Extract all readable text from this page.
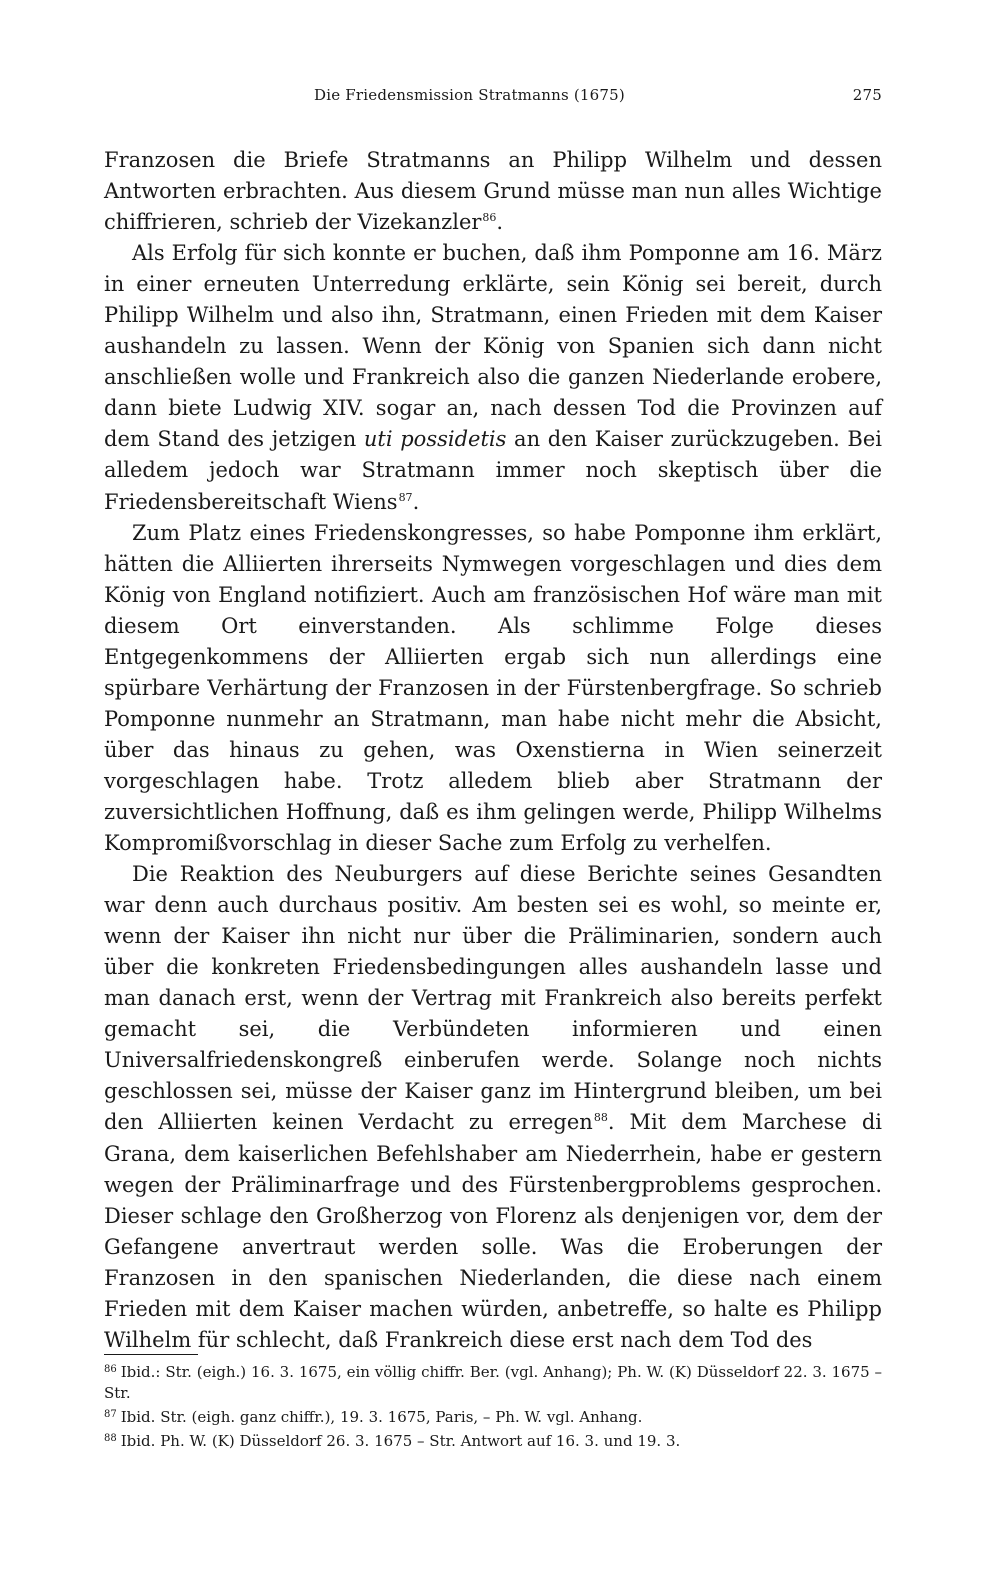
Die Friedensmission Stratmanns (1675)	275

Franzosen die Briefe Stratmanns an Philipp Wilhelm und dessen Antworten erbrachten. Aus diesem Grund müsse man nun alles Wichtige chiffrieren, schrieb der Vizekanzler$^{86}$.

Als Erfolg für sich konnte er buchen, daß ihm Pomponne am 16. März in einer erneuten Unterredung erklärte, sein König sei bereit, durch Philipp Wilhelm und also ihn, Stratmann, einen Frieden mit dem Kaiser aushandeln zu lassen. Wenn der König von Spanien sich dann nicht anschließen wolle und Frankreich also die ganzen Niederlande erobere, dann biete Ludwig XIV. sogar an, nach dessen Tod die Provinzen auf dem Stand des jetzigen uti possidetis an den Kaiser zurückzugeben. Bei alledem jedoch war Stratmann immer noch skeptisch über die Friedensbereitschaft Wiens$^{87}$.

Zum Platz eines Friedenskongresses, so habe Pomponne ihm erklärt, hätten die Alliierten ihrerseits Nymwegen vorgeschlagen und dies dem König von England notifiziert. Auch am französischen Hof wäre man mit diesem Ort einverstanden. Als schlimme Folge dieses Entgegenkommens der Alliierten ergab sich nun allerdings eine spürbare Verhärtung der Franzosen in der Fürstenbergfrage. So schrieb Pomponne nunmehr an Stratmann, man habe nicht mehr die Absicht, über das hinaus zu gehen, was Oxenstierna in Wien seinerzeit vorgeschlagen habe. Trotz alledem blieb aber Stratmann der zuversichtlichen Hoffnung, daß es ihm gelingen werde, Philipp Wilhelms Kompromißvorschlag in dieser Sache zum Erfolg zu verhelfen.

Die Reaktion des Neuburgers auf diese Berichte seines Gesandten war denn auch durchaus positiv. Am besten sei es wohl, so meinte er, wenn der Kaiser ihn nicht nur über die Präliminarien, sondern auch über die konkreten Friedensbedingungen alles aushandeln lasse und man danach erst, wenn der Vertrag mit Frankreich also bereits perfekt gemacht sei, die Verbündeten informieren und einen Universalfriedenskongreß einberufen werde. Solange noch nichts geschlossen sei, müsse der Kaiser ganz im Hintergrund bleiben, um bei den Alliierten keinen Verdacht zu erregen$^{88}$. Mit dem Marchese di Grana, dem kaiserlichen Befehlshaber am Niederrhein, habe er gestern wegen der Präliminarfrage und des Fürstenbergproblems gesprochen. Dieser schlage den Großherzog von Florenz als denjenigen vor, dem der Gefangene anvertraut werden solle. Was die Eroberungen der Franzosen in den spanischen Niederlanden, die diese nach einem Frieden mit dem Kaiser machen würden, anbetreffe, so halte es Philipp Wilhelm für schlecht, daß Frankreich diese erst nach dem Tod des

$^{86}$ Ibid.: Str. (eigh.) 16. 3. 1675, ein völlig chiffr. Ber. (vgl. Anhang); Ph. W. (K) Düsseldorf 22. 3. 1675 – Str.

$^{87}$ Ibid. Str. (eigh. ganz chiffr.), 19. 3. 1675, Paris, – Ph. W. vgl. Anhang.

$^{88}$ Ibid. Ph. W. (K) Düsseldorf 26. 3. 1675 – Str. Antwort auf 16. 3. und 19. 3.
